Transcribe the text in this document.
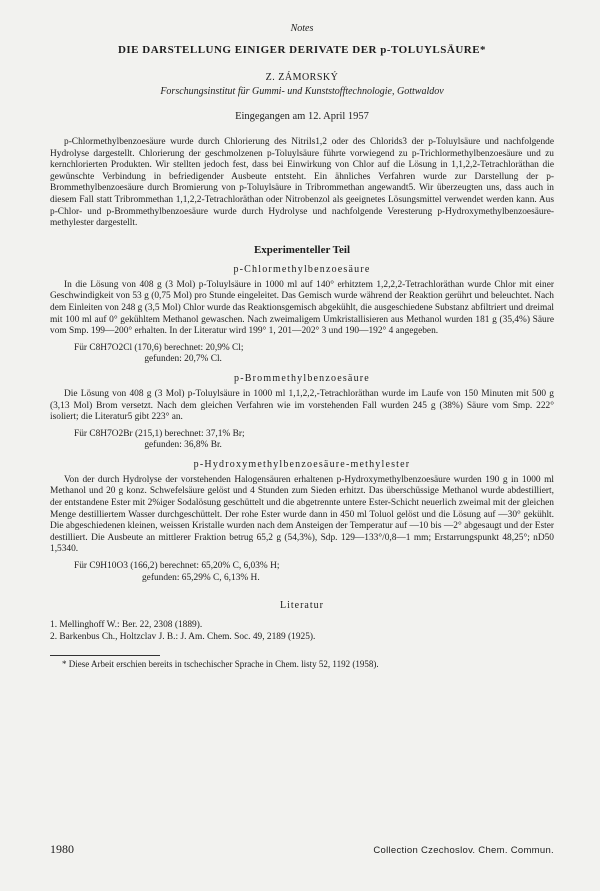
Notes
DIE DARSTELLUNG EINIGER DERIVATE DER p-TOLUYLSÄURE*
Z. ZÁMORSKÝ
Forschungsinstitut für Gummi- und Kunststofftechnologie, Gottwaldov
Eingegangen am 12. April 1957

p-Chlormethylbenzoesäure wurde durch Chlorierung des Nitrils1,2 oder des Chlorids3 der p-Toluylsäure und nachfolgende Hydrolyse dargestellt. Chlorierung der geschmolzenen p-Toluylsäure führte vorwiegend zu p-Trichlormethylbenzoesäure und zu kernchlorierten Produkten. Wir stellten jedoch fest, dass bei Einwirkung von Chlor auf die Lösung in 1,1,2,2-Tetrachloräthan die gewünschte Verbindung in befriedigender Ausbeute entsteht. Ein ähnliches Verfahren wurde zur Darstellung der p-Brommethylbenzoesäure durch Bromierung von p-Toluylsäure in Tribrommethan angewandt5. Wir überzeugten uns, dass auch in diesem Fall statt Tribrommethan 1,1,2,2-Tetrachloräthan oder Nitrobenzol als geeignetes Lösungsmittel verwendet werden kann. Aus p-Chlor- und p-Brommethylbenzoesäure wurde durch Hydrolyse und nachfolgende Veresterung p-Hydroxymethylbenzoesäure-methylester dargestellt.

Experimenteller Teil
p-Chlormethylbenzoesäure

In die Lösung von 408 g (3 Mol) p-Toluylsäure in 1000 ml auf 140° erhitztem 1,2,2,2-Tetrachloräthan wurde Chlor mit einer Geschwindigkeit von 53 g (0,75 Mol) pro Stunde eingeleitet. Das Gemisch wurde während der Reaktion gerührt und beleuchtet. Nach dem Einleiten von 248 g (3,5 Mol) Chlor wurde das Reaktionsgemisch abgekühlt, die ausgeschiedene Substanz abfiltriert und dreimal mit 100 ml auf 0° gekühltem Methanol gewaschen. Nach zweimaligem Umkristallisieren aus Methanol wurden 181 g (35,4%) Säure vom Smp. 199—200° erhalten. In der Literatur wird 199° 1, 201—202° 3 und 190—192° 4 angegeben.

Für C8H7O2Cl (170,6) berechnet: 20,9% Cl;
gefunden: 20,7% Cl.
p-Brommethylbenzoesäure

Die Lösung von 408 g (3 Mol) p-Toluylsäure in 1000 ml 1,1,2,2,-Tetrachloräthan wurde im Laufe von 150 Minuten mit 500 g (3,13 Mol) Brom versetzt. Nach dem gleichen Verfahren wie im vorstehenden Fall wurden 245 g (38%) Säure vom Smp. 222° isoliert; die Literatur5 gibt 223° an.

Für C8H7O2Br (215,1) berechnet: 37,1% Br;
gefunden: 36,8% Br.
p-Hydroxymethylbenzoesäure-methylester

Von der durch Hydrolyse der vorstehenden Halogensäuren erhaltenen p-Hydroxymethylbenzoesäure wurden 190 g in 1000 ml Methanol und 20 g konz. Schwefelsäure gelöst und 4 Stunden zum Sieden erhitzt. Das überschüssige Methanol wurde abdestilliert, der entstandene Ester mit 2%iger Sodalösung geschüttelt und die abgetrennte untere Ester-Schicht neuerlich zweimal mit der gleichen Menge destilliertem Wasser durchgeschüttelt. Der rohe Ester wurde dann in 450 ml Toluol gelöst und die Lösung auf —30° gekühlt. Die abgeschiedenen kleinen, weissen Kristalle wurden nach dem Ansteigen der Temperatur auf —10 bis —2° abgesaugt und der Ester destilliert. Die Ausbeute an mittlerer Fraktion betrug 65,2 g (54,3%), Sdp. 129—133°/0,8—1 mm; Erstarrungspunkt 48,25°; nD50 1,5340.

Für C9H10O3 (166,2) berechnet: 65,20% C, 6,03% H;
gefunden: 65,29% C, 6,13% H.
Literatur
1. Mellinghoff W.: Ber. 22, 2308 (1889).
2. Barkenbus Ch., Holtzclav J. B.: J. Am. Chem. Soc. 49, 2189 (1925).
* Diese Arbeit erschien bereits in tschechischer Sprache in Chem. listy 52, 1192 (1958).
1980	Collection Czechoslov. Chem. Commun.
